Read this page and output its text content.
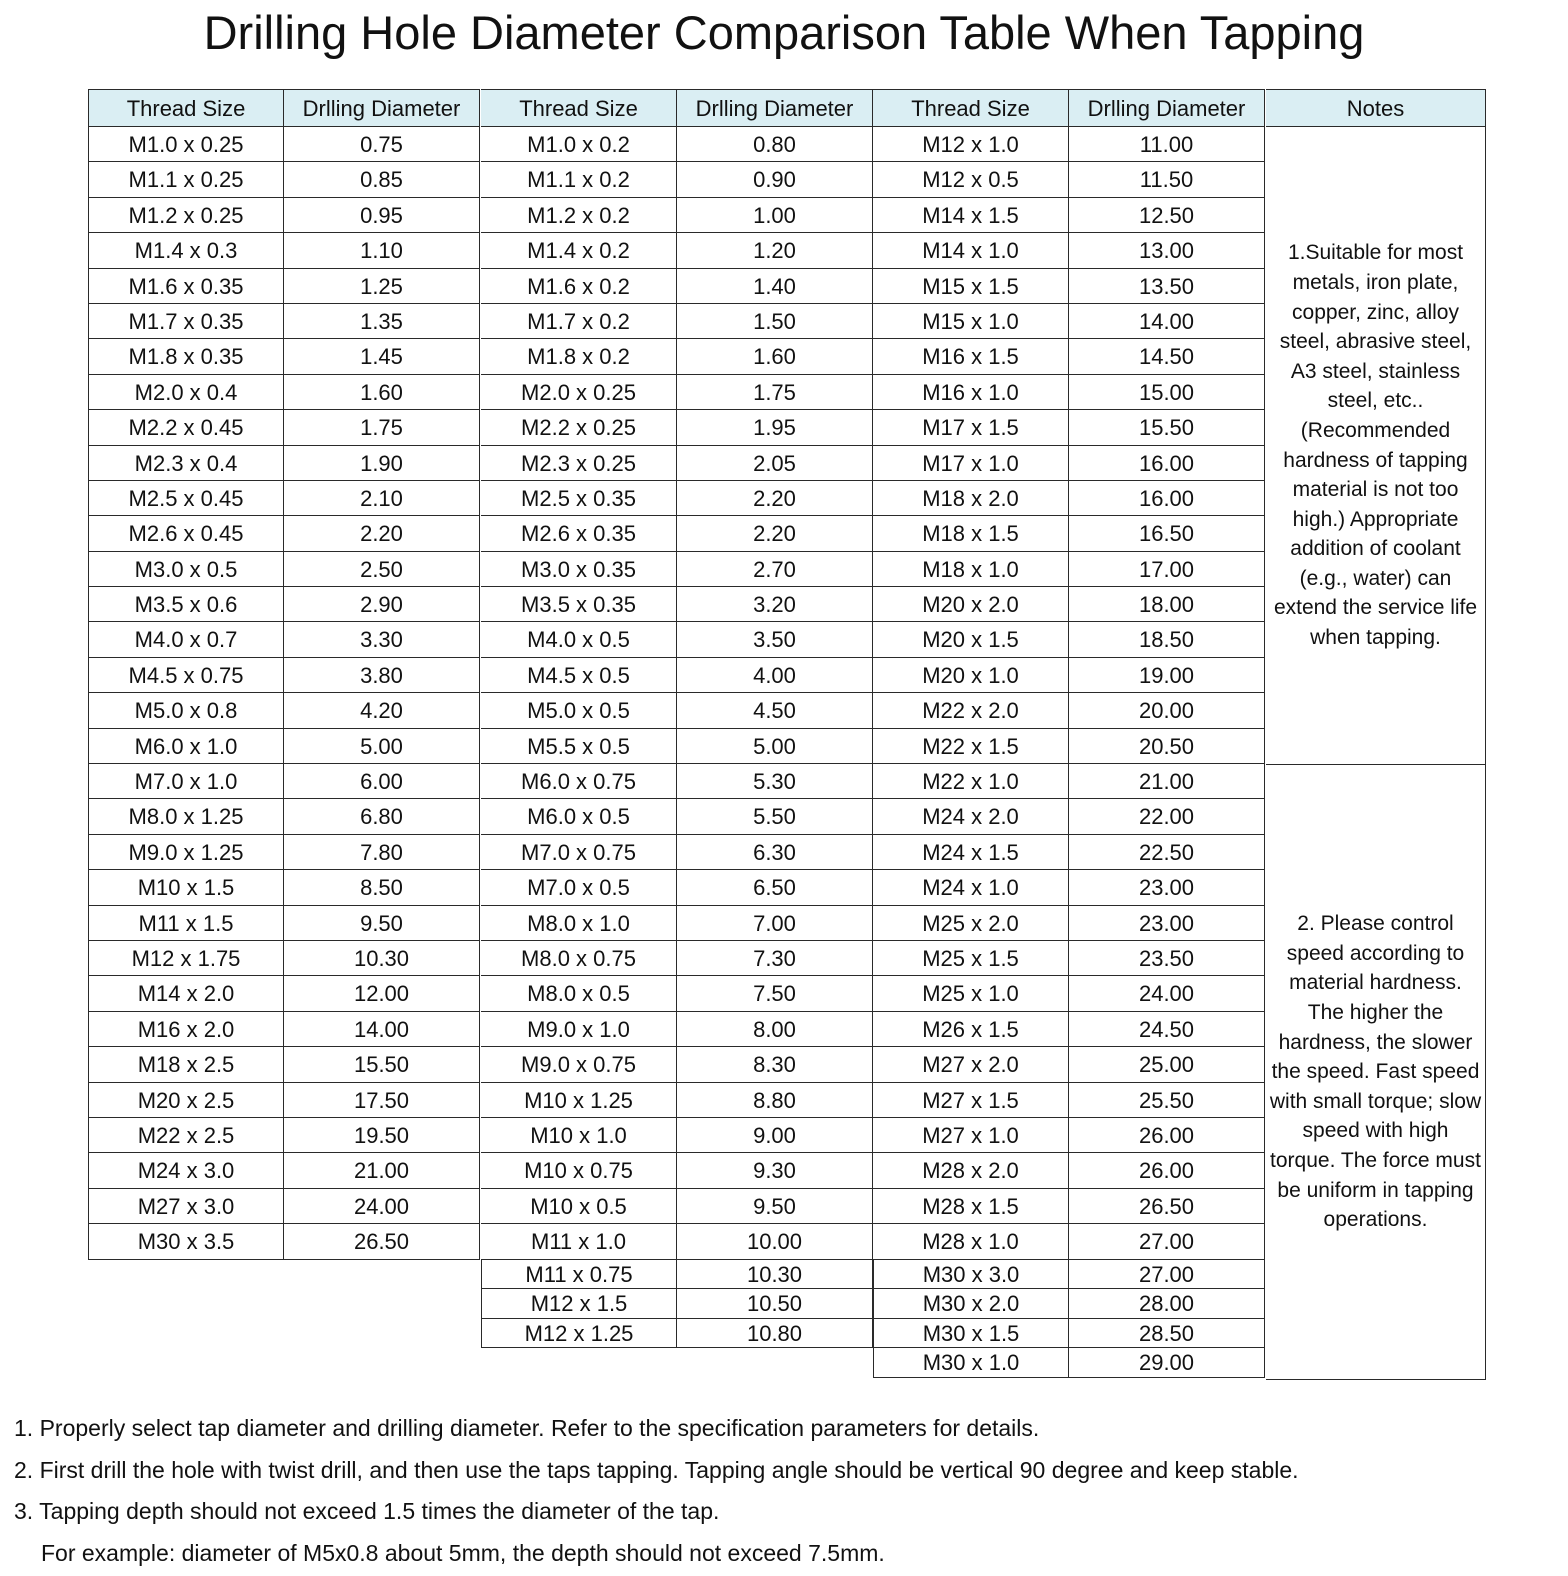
Drilling Hole Diameter Comparison Table When Tapping
Thread Size	Drlling Diameter
M1.0 x 0.25	0.75
M1.1 x 0.25	0.85
M1.2 x 0.25	0.95
M1.4 x 0.3	1.10
M1.6 x 0.35	1.25
M1.7 x 0.35	1.35
M1.8 x 0.35	1.45
M2.0 x 0.4	1.60
M2.2 x 0.45	1.75
M2.3 x 0.4	1.90
M2.5 x 0.45	2.10
M2.6 x 0.45	2.20
M3.0 x 0.5	2.50
M3.5 x 0.6	2.90
M4.0 x 0.7	3.30
M4.5 x 0.75	3.80
M5.0 x 0.8	4.20
M6.0 x 1.0	5.00
M7.0 x 1.0	6.00
M8.0 x 1.25	6.80
M9.0 x 1.25	7.80
M10 x 1.5	8.50
M11 x 1.5	9.50
M12 x 1.75	10.30
M14 x 2.0	12.00
M16 x 2.0	14.00
M18 x 2.5	15.50
M20 x 2.5	17.50
M22 x 2.5	19.50
M24 x 3.0	21.00
M27 x 3.0	24.00
M30 x 3.5	26.50
Thread Size	Drlling Diameter
M1.0 x 0.2	0.80
M1.1 x 0.2	0.90
M1.2 x 0.2	1.00
M1.4 x 0.2	1.20
M1.6 x 0.2	1.40
M1.7 x 0.2	1.50
M1.8 x 0.2	1.60
M2.0 x 0.25	1.75
M2.2 x 0.25	1.95
M2.3 x 0.25	2.05
M2.5 x 0.35	2.20
M2.6 x 0.35	2.20
M3.0 x 0.35	2.70
M3.5 x 0.35	3.20
M4.0 x 0.5	3.50
M4.5 x 0.5	4.00
M5.0 x 0.5	4.50
M5.5 x 0.5	5.00
M6.0 x 0.75	5.30
M6.0 x 0.5	5.50
M7.0 x 0.75	6.30
M7.0 x 0.5	6.50
M8.0 x 1.0	7.00
M8.0 x 0.75	7.30
M8.0 x 0.5	7.50
M9.0 x 1.0	8.00
M9.0 x 0.75	8.30
M10 x 1.25	8.80
M10 x 1.0	9.00
M10 x 0.75	9.30
M10 x 0.5	9.50
M11 x 1.0	10.00
M11 x 0.75	10.30
M12 x 1.5	10.50
M12 x 1.25	10.80
Thread Size	Drlling Diameter
M12 x 1.0	11.00
M12 x 0.5	11.50
M14 x 1.5	12.50
M14 x 1.0	13.00
M15 x 1.5	13.50
M15 x 1.0	14.00
M16 x 1.5	14.50
M16 x 1.0	15.00
M17 x 1.5	15.50
M17 x 1.0	16.00
M18 x 2.0	16.00
M18 x 1.5	16.50
M18 x 1.0	17.00
M20 x 2.0	18.00
M20 x 1.5	18.50
M20 x 1.0	19.00
M22 x 2.0	20.00
M22 x 1.5	20.50
M22 x 1.0	21.00
M24 x 2.0	22.00
M24 x 1.5	22.50
M24 x 1.0	23.00
M25 x 2.0	23.00
M25 x 1.5	23.50
M25 x 1.0	24.00
M26 x 1.5	24.50
M27 x 2.0	25.00
M27 x 1.5	25.50
M27 x 1.0	26.00
M28 x 2.0	26.00
M28 x 1.5	26.50
M28 x 1.0	27.00
M30 x 3.0	27.00
M30 x 2.0	28.00
M30 x 1.5	28.50
M30 x 1.0	29.00
Notes
1.Suitable for most metals, iron plate, copper, zinc, alloy steel, abrasive steel, A3 steel, stainless steel, etc..(Recommended hardness of tapping material is not too high.) Appropriate addition of coolant (e.g., water) can extend the service life when tapping.
2. Please control speed according to material hardness. The higher the hardness, the slower the speed. Fast speed with small torque; slow speed with high torque. The force must be uniform in tapping operations.
1. Properly select tap diameter and drilling diameter. Refer to the specification parameters for details.
2. First drill the hole with twist drill, and then use the taps tapping. Tapping angle should be vertical 90 degree and keep stable.
3. Tapping depth should not exceed 1.5 times the diameter of the tap.
For example: diameter of M5x0.8 about 5mm, the depth should not exceed 7.5mm.
